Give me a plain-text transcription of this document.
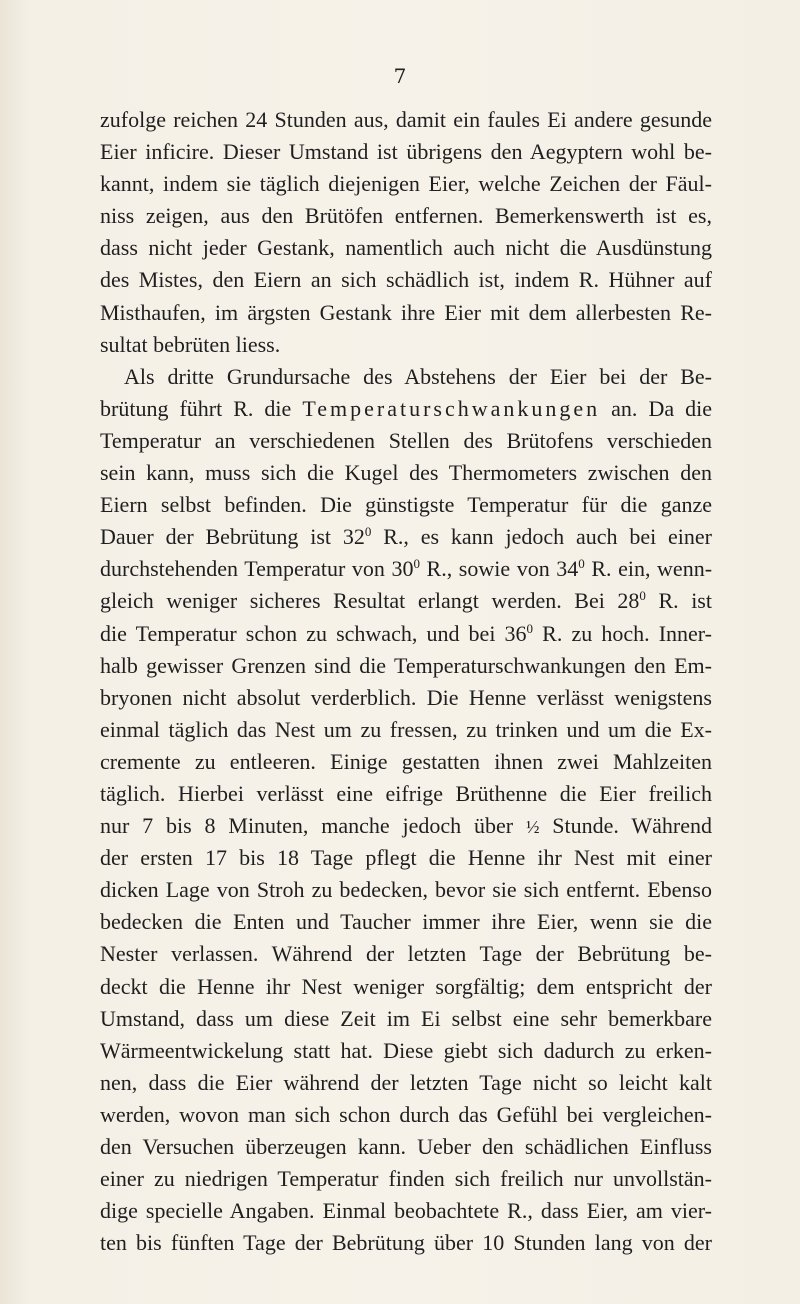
7
zufolge reichen 24 Stunden aus, damit ein faules Ei andere gesunde
Eier inficire. Dieser Umstand ist übrigens den Aegyptern wohl be-
kannt, indem sie täglich diejenigen Eier, welche Zeichen der Fäul-
niss zeigen, aus den Brütöfen entfernen. Bemerkenswerth ist es,
dass nicht jeder Gestank, namentlich auch nicht die Ausdünstung
des Mistes, den Eiern an sich schädlich ist, indem R. Hühner auf
Misthaufen, im ärgsten Gestank ihre Eier mit dem allerbesten Re-
sultat bebrüten liess.
Als dritte Grundursache des Abstehens der Eier bei der Be-
brütung führt R. die Temperaturschwankungen an. Da die
Temperatur an verschiedenen Stellen des Brütofens verschieden
sein kann, muss sich die Kugel des Thermometers zwischen den
Eiern selbst befinden. Die günstigste Temperatur für die ganze
Dauer der Bebrütung ist $32^0$ R., es kann jedoch auch bei einer
durchstehenden Temperatur von $30^0$ R., sowie von $34^0$ R. ein, wenn-
gleich weniger sicheres Resultat erlangt werden. Bei $28^0$ R. ist
die Temperatur schon zu schwach, und bei $36^0$ R. zu hoch. Inner-
halb gewisser Grenzen sind die Temperaturschwankungen den Em-
bryonen nicht absolut verderblich. Die Henne verlässt wenigstens
einmal täglich das Nest um zu fressen, zu trinken und um die Ex-
cremente zu entleeren. Einige gestatten ihnen zwei Mahlzeiten
täglich. Hierbei verlässt eine eifrige Brüthenne die Eier freilich
nur 7 bis 8 Minuten, manche jedoch über ½ Stunde. Während
der ersten 17 bis 18 Tage pflegt die Henne ihr Nest mit einer
dicken Lage von Stroh zu bedecken, bevor sie sich entfernt. Ebenso
bedecken die Enten und Taucher immer ihre Eier, wenn sie die
Nester verlassen. Während der letzten Tage der Bebrütung be-
deckt die Henne ihr Nest weniger sorgfältig; dem entspricht der
Umstand, dass um diese Zeit im Ei selbst eine sehr bemerkbare
Wärmeentwickelung statt hat. Diese giebt sich dadurch zu erken-
nen, dass die Eier während der letzten Tage nicht so leicht kalt
werden, wovon man sich schon durch das Gefühl bei vergleichen-
den Versuchen überzeugen kann. Ueber den schädlichen Einfluss
einer zu niedrigen Temperatur finden sich freilich nur unvollstän-
dige specielle Angaben. Einmal beobachtete R., dass Eier, am vier-
ten bis fünften Tage der Bebrütung über 10 Stunden lang von der
